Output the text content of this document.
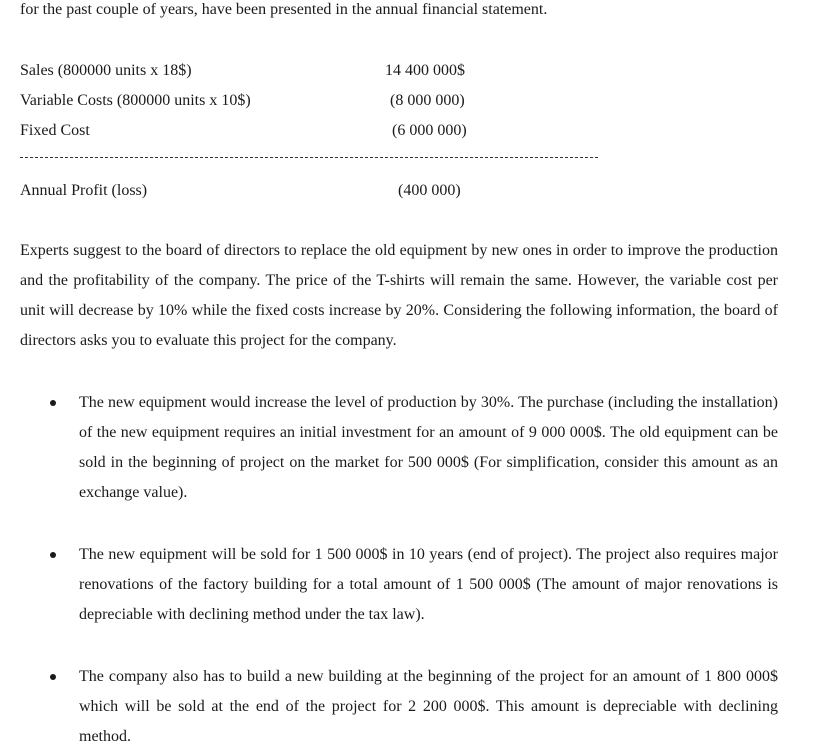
for the past couple of years, have been presented in the annual financial statement.
Sales (800000 units x 18$)	14 400 000$
Variable Costs (800000 units x 10$)	(8 000 000)
Fixed Cost	(6 000 000)
Annual Profit (loss)	(400 000)
Experts suggest to the board of directors to replace the old equipment by new ones in order to improve the production and the profitability of the company. The price of the T-shirts will remain the same. However, the variable cost per unit will decrease by 10% while the fixed costs increase by 20%. Considering the following information, the board of directors asks you to evaluate this project for the company.
The new equipment would increase the level of production by 30%. The purchase (including the installation) of the new equipment requires an initial investment for an amount of 9 000 000$. The old equipment can be sold in the beginning of project on the market for 500 000$ (For simplification, consider this amount as an exchange value).
The new equipment will be sold for 1 500 000$ in 10 years (end of project). The project also requires major renovations of the factory building for a total amount of 1 500 000$ (The amount of major renovations is depreciable with declining method under the tax law).
The company also has to build a new building at the beginning of the project for an amount of 1 800 000$ which will be sold at the end of the project for 2 200 000$. This amount is depreciable with declining method.
